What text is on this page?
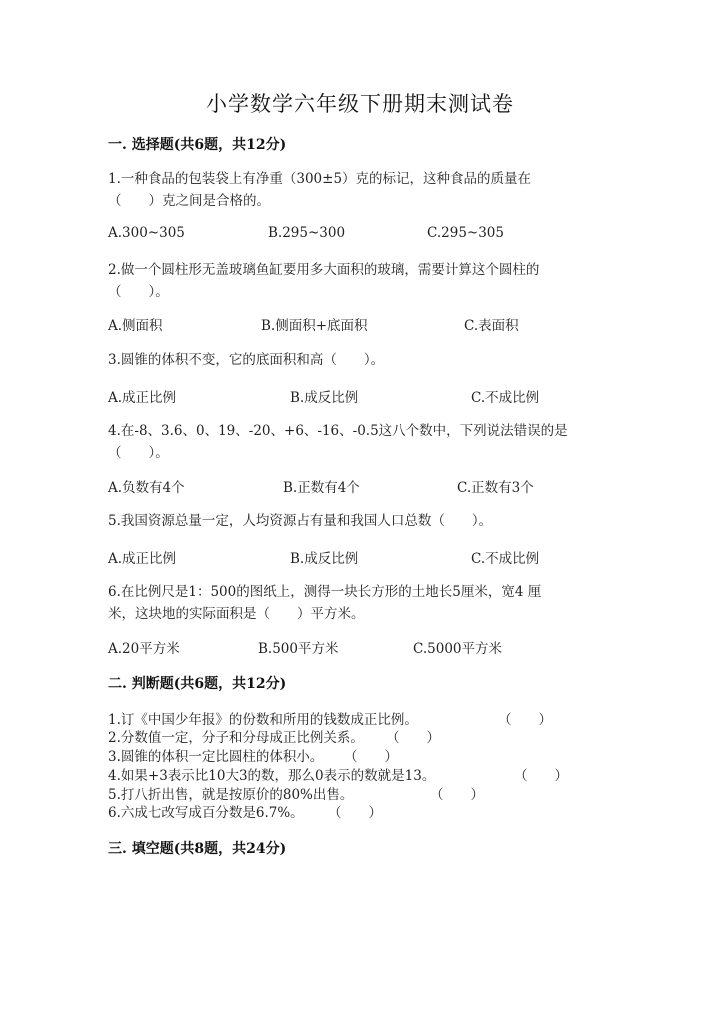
小学数学六年级下册期末测试卷
一. 选择题(共6题，共12分)
1.一种食品的包装袋上有净重（300±5）克的标记，这种食品的质量在
（　　）克之间是合格的。
A.300~305	B.295~300	C.295~305
2.做一个圆柱形无盖玻璃鱼缸要用多大面积的玻璃，需要计算这个圆柱的
（　　）。
A.侧面积	B.侧面积+底面积	C.表面积
3.圆锥的体积不变，它的底面积和高（　　）。
A.成正比例	B.成反比例	C.不成比例
4.在-8、3.6、0、19、-20、+6、-16、-0.5这八个数中，下列说法错误的是
（　　）。
A.负数有4个	B.正数有4个	C.正数有3个
5.我国资源总量一定，人均资源占有量和我国人口总数（　　）。
A.成正比例	B.成反比例	C.不成比例
6.在比例尺是1：500的图纸上，测得一块长方形的土地长5厘米，宽4 厘
米，这块地的实际面积是（　　）平方米。
A.20平方米	B.500平方米	C.5000平方米
二. 判断题(共6题，共12分)
1.订《中国少年报》的份数和所用的钱数成正比例。	（　　）
2.分数值一定，分子和分母成正比例关系。 （　　）
3.圆锥的体积一定比圆柱的体积小。 （　　）
4.如果+3表示比10大3的数，那么0表示的数就是13。	（　　）
5.打八折出售，就是按原价的80%出售。	（　　）
6.六成七改写成百分数是6.7%。 （　　）
三. 填空题(共8题，共24分)
